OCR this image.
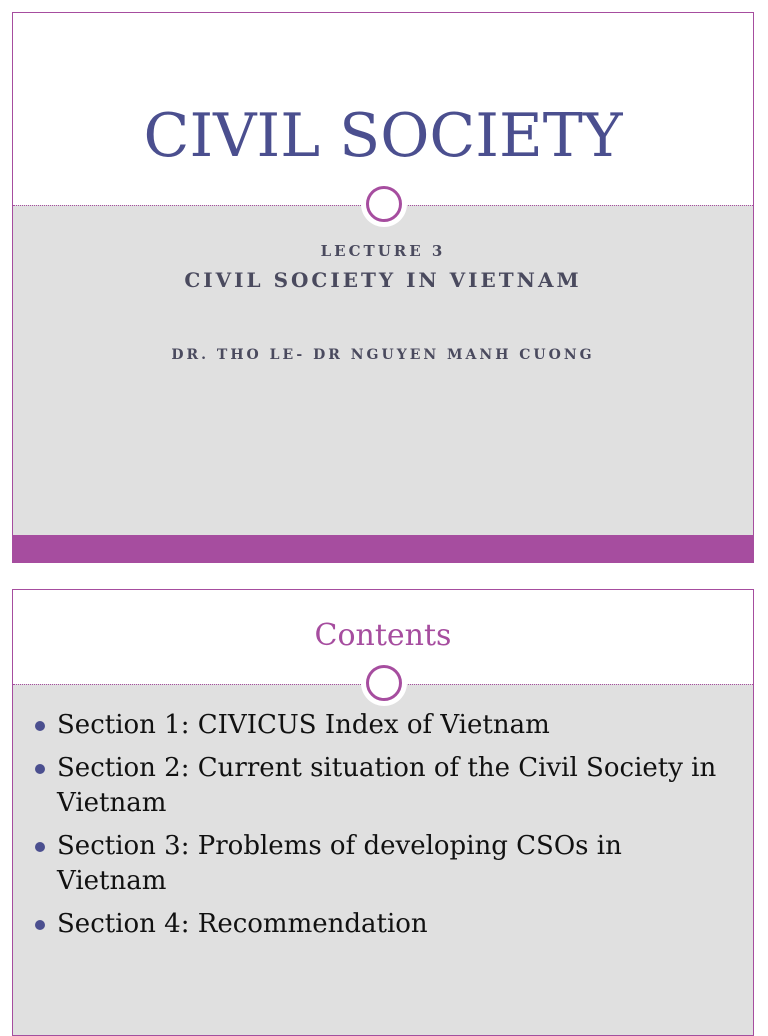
CIVIL SOCIETY
LECTURE 3
CIVIL SOCIETY IN VIETNAM
DR. THO LE- DR NGUYEN MANH CUONG
Contents
Section 1: CIVICUS Index of Vietnam
Section 2: Current situation of the Civil Society in Vietnam
Section 3: Problems of developing CSOs in Vietnam
Section 4: Recommendation
